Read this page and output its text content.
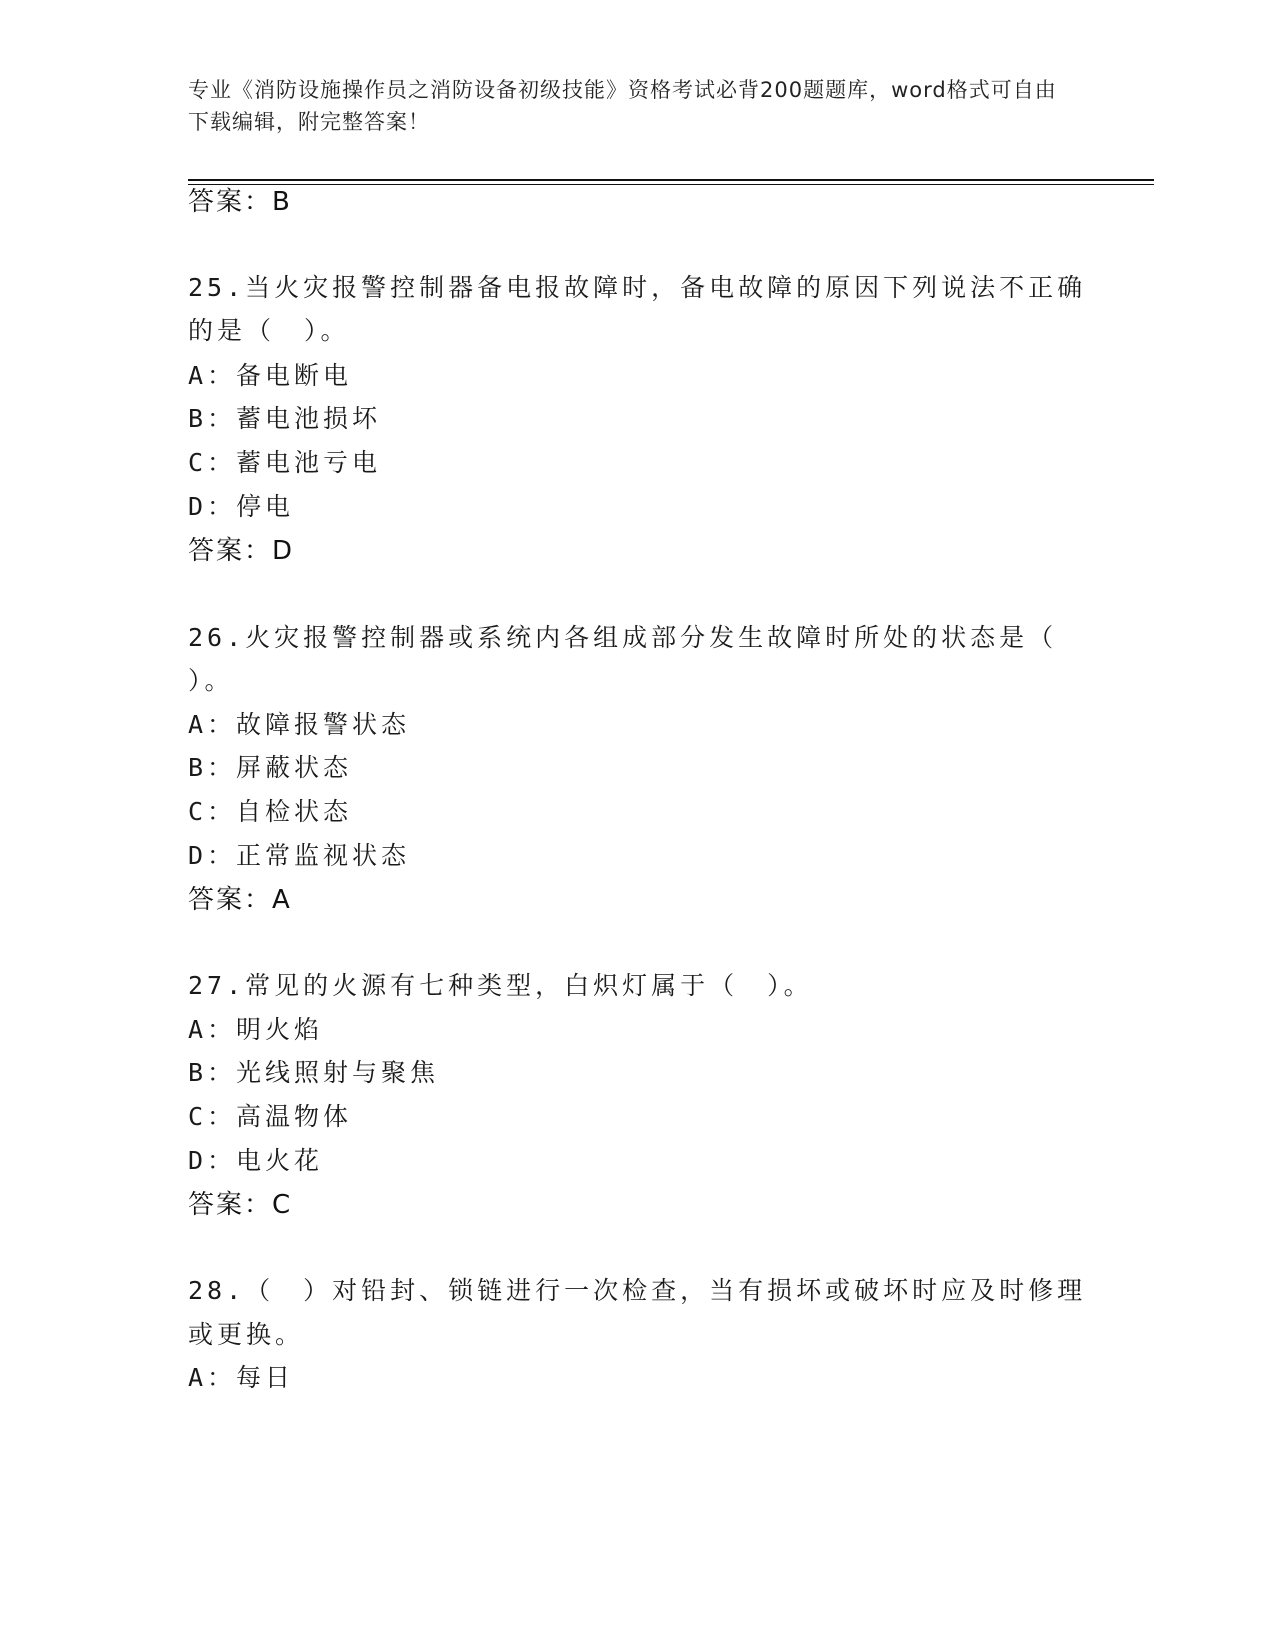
专业《消防设施操作员之消防设备初级技能》资格考试必背200题题库，word格式可自由下载编辑，附完整答案！
答案：B
25.当火灾报警控制器备电报故障时，备电故障的原因下列说法不正确
的是（　）。
A：备电断电
B：蓄电池损坏
C：蓄电池亏电
D：停电
答案：D
26.火灾报警控制器或系统内各组成部分发生故障时所处的状态是（
）。
A：故障报警状态
B：屏蔽状态
C：自检状态
D：正常监视状态
答案：A
27.常见的火源有七种类型，白炽灯属于（　）。
A：明火焰
B：光线照射与聚焦
C：高温物体
D：电火花
答案：C
28.（　）对铅封、锁链进行一次检查，当有损坏或破坏时应及时修理
或更换。
A：每日
